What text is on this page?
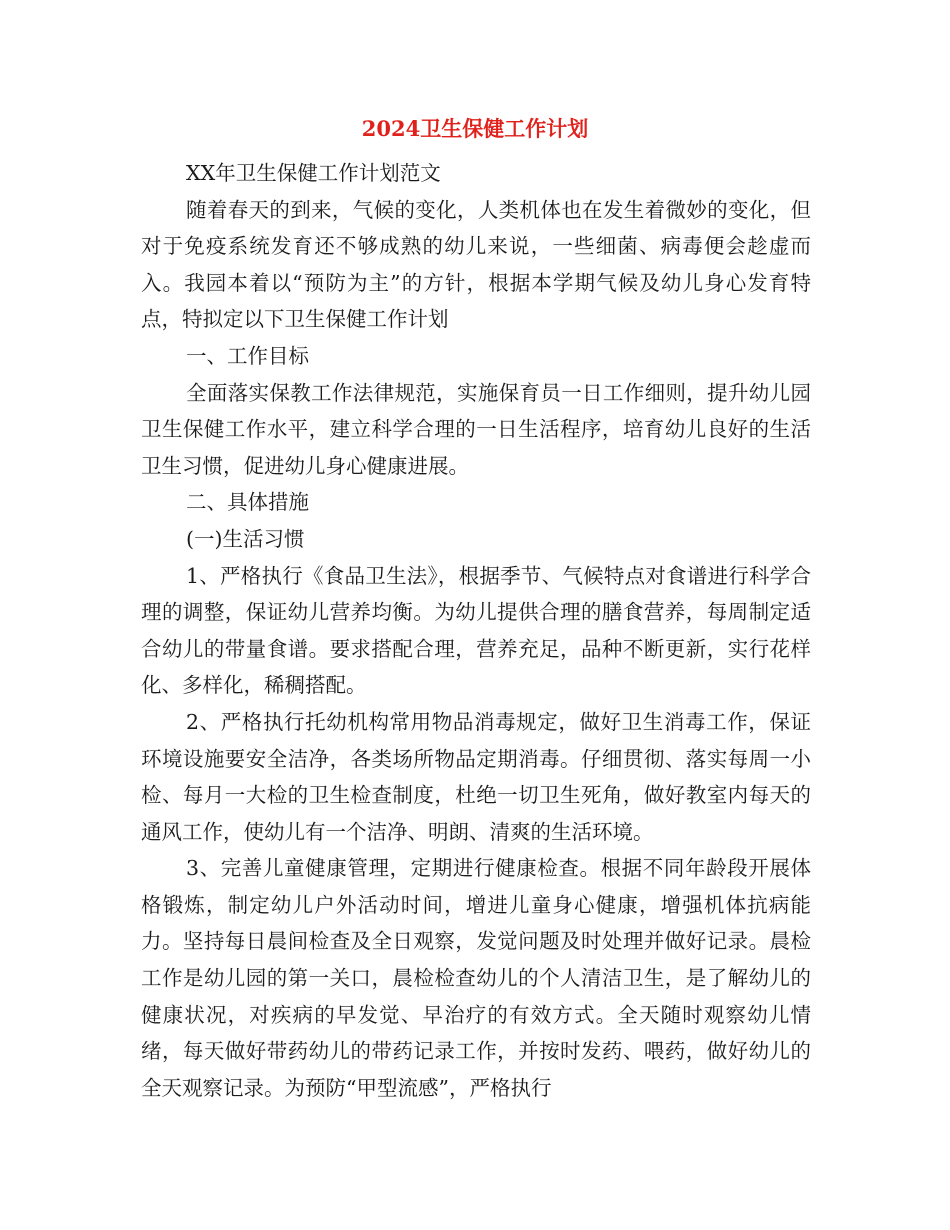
2024卫生保健工作计划

XX年卫生保健工作计划范文

随着春天的到来，气候的变化，人类机体也在发生着微妙的变化，但对于免疫系统发育还不够成熟的幼儿来说，一些细菌、病毒便会趁虚而入。我园本着以“预防为主”的方针，根据本学期气候及幼儿身心发育特点，特拟定以下卫生保健工作计划

一、工作目标

全面落实保教工作法律规范，实施保育员一日工作细则，提升幼儿园卫生保健工作水平，建立科学合理的一日生活程序，培育幼儿良好的生活卫生习惯，促进幼儿身心健康进展。

二、具体措施

(一)生活习惯

1、严格执行《食品卫生法》，根据季节、气候特点对食谱进行科学合理的调整，保证幼儿营养均衡。为幼儿提供合理的膳食营养，每周制定适合幼儿的带量食谱。要求搭配合理，营养充足，品种不断更新，实行花样化、多样化，稀稠搭配。

2、严格执行托幼机构常用物品消毒规定，做好卫生消毒工作，保证环境设施要安全洁净，各类场所物品定期消毒。仔细贯彻、落实每周一小检、每月一大检的卫生检查制度，杜绝一切卫生死角，做好教室内每天的通风工作，使幼儿有一个洁净、明朗、清爽的生活环境。

3、完善儿童健康管理，定期进行健康检查。根据不同年龄段开展体格锻炼，制定幼儿户外活动时间，增进儿童身心健康，增强机体抗病能力。坚持每日晨间检查及全日观察，发觉问题及时处理并做好记录。晨检工作是幼儿园的第一关口，晨检检查幼儿的个人清洁卫生，是了解幼儿的健康状况，对疾病的早发觉、早治疗的有效方式。全天随时观察幼儿情绪，每天做好带药幼儿的带药记录工作，并按时发药、喂药，做好幼儿的全天观察记录。为预防“甲型流感”，严格执行
